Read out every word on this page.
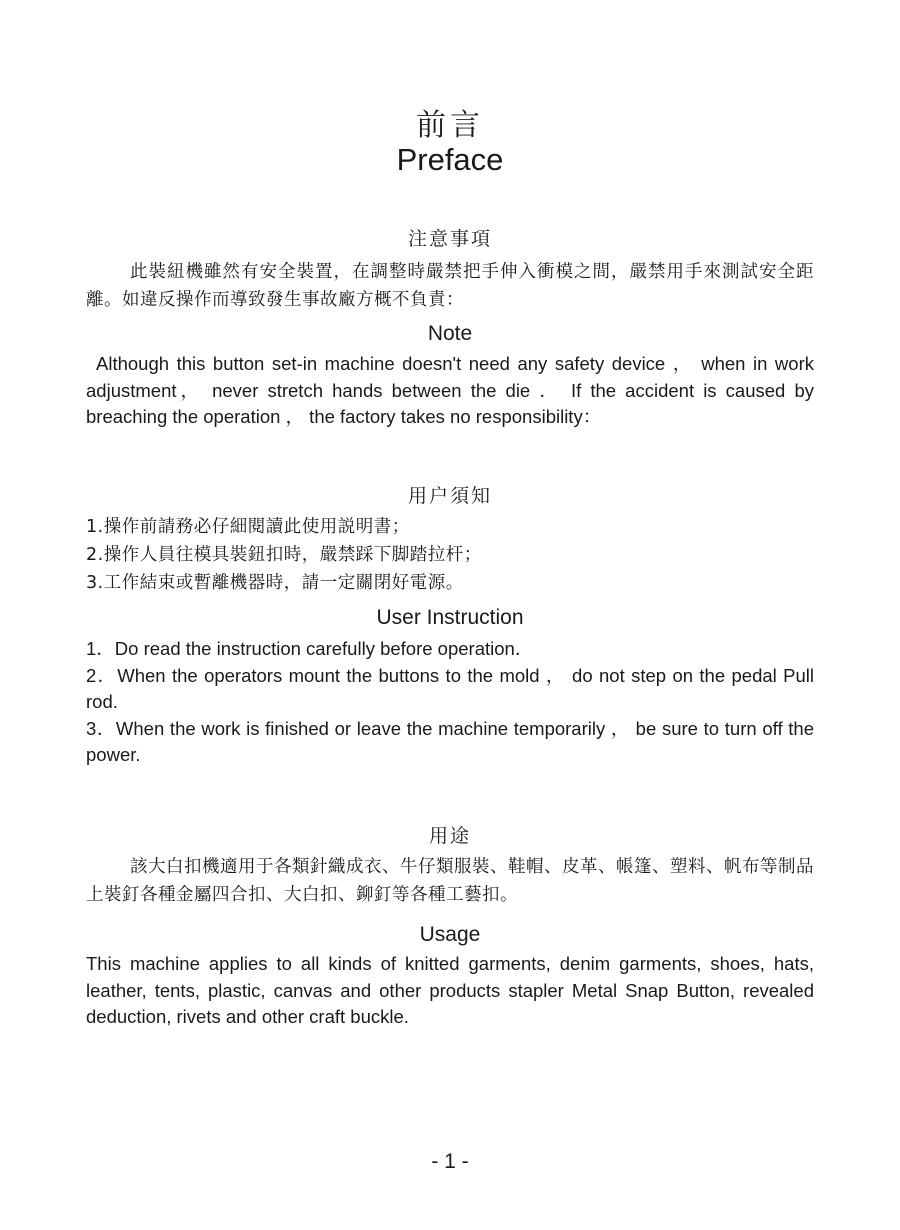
前言
Preface
注意事項
此裝紐機雖然有安全裝置，在調整時嚴禁把手伸入衝模之間，嚴禁用手來測試安全距離。如違反操作而導致發生事故廠方概不負責：
Note
Although this button set-in machine doesn't need any safety device ， when in work adjustment， never stretch hands between the die ． If the accident is caused by breaching the operation ， the factory takes no responsibility：
用户須知
1.操作前請務必仔細閱讀此使用説明書；
2.操作人員往模具裝鈕扣時，嚴禁踩下脚踏拉杆；
3.工作結束或暫離機器時，請一定關閉好電源。
User Instruction
1．Do read the instruction carefully before operation．
2．When the operators mount the buttons to the mold ， do not step on the pedal Pull rod.
3．When the work is finished or leave the machine temporarily ， be sure to turn off the power.
用途
該大白扣機適用于各類針織成衣、牛仔類服裝、鞋帽、皮革、帳篷、塑料、帆布等制品上裝釘各種金屬四合扣、大白扣、鉚釘等各種工藝扣。
Usage
This machine applies to all kinds of knitted garments, denim garments, shoes, hats, leather, tents, plastic, canvas and other products stapler Metal Snap Button, revealed deduction, rivets and other craft buckle.
- 1 -
